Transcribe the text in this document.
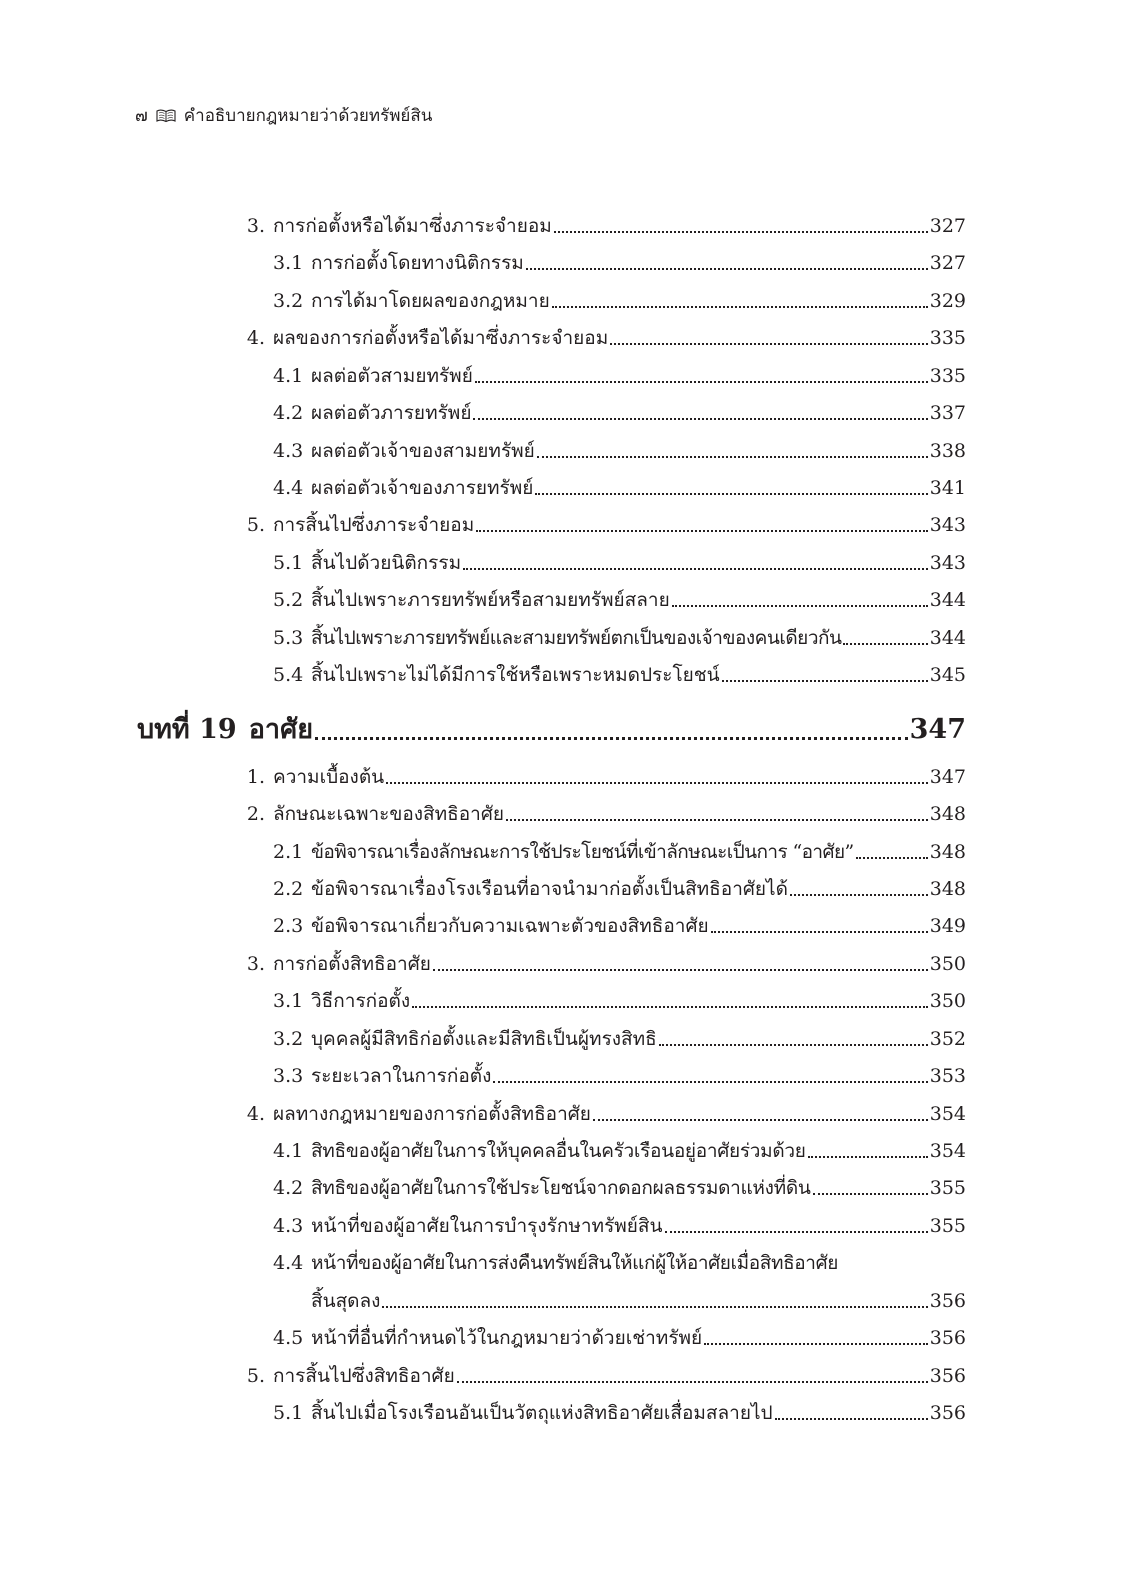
๗ คำอธิบายกฎหมายว่าด้วยทรัพย์สิน
3. การก่อตั้งหรือได้มาซึ่งภาระจำยอม	327
3.1 การก่อตั้งโดยทางนิติกรรม	327
3.2 การได้มาโดยผลของกฎหมาย	329
4. ผลของการก่อตั้งหรือได้มาซึ่งภาระจำยอม	335
4.1 ผลต่อตัวสามยทรัพย์	335
4.2 ผลต่อตัวภารยทรัพย์	337
4.3 ผลต่อตัวเจ้าของสามยทรัพย์	338
4.4 ผลต่อตัวเจ้าของภารยทรัพย์	341
5. การสิ้นไปซึ่งภาระจำยอม	343
5.1 สิ้นไปด้วยนิติกรรม	343
5.2 สิ้นไปเพราะภารยทรัพย์หรือสามยทรัพย์สลาย	344
5.3 สิ้นไปเพราะภารยทรัพย์และสามยทรัพย์ตกเป็นของเจ้าของคนเดียวกัน	344
5.4 สิ้นไปเพราะไม่ได้มีการใช้หรือเพราะหมดประโยชน์	345
บทที่ 19 อาศัย	347
1. ความเบื้องต้น	347
2. ลักษณะเฉพาะของสิทธิอาศัย	348
2.1 ข้อพิจารณาเรื่องลักษณะการใช้ประโยชน์ที่เข้าลักษณะเป็นการ “อาศัย”	348
2.2 ข้อพิจารณาเรื่องโรงเรือนที่อาจนำมาก่อตั้งเป็นสิทธิอาศัยได้	348
2.3 ข้อพิจารณาเกี่ยวกับความเฉพาะตัวของสิทธิอาศัย	349
3. การก่อตั้งสิทธิอาศัย	350
3.1 วิธีการก่อตั้ง	350
3.2 บุคคลผู้มีสิทธิก่อตั้งและมีสิทธิเป็นผู้ทรงสิทธิ	352
3.3 ระยะเวลาในการก่อตั้ง	353
4. ผลทางกฎหมายของการก่อตั้งสิทธิอาศัย	354
4.1 สิทธิของผู้อาศัยในการให้บุคคลอื่นในครัวเรือนอยู่อาศัยร่วมด้วย	354
4.2 สิทธิของผู้อาศัยในการใช้ประโยชน์จากดอกผลธรรมดาแห่งที่ดิน	355
4.3 หน้าที่ของผู้อาศัยในการบำรุงรักษาทรัพย์สิน	355
4.4 หน้าที่ของผู้อาศัยในการส่งคืนทรัพย์สินให้แก่ผู้ให้อาศัยเมื่อสิทธิอาศัย
สิ้นสุดลง	356
4.5 หน้าที่อื่นที่กำหนดไว้ในกฎหมายว่าด้วยเช่าทรัพย์	356
5. การสิ้นไปซึ่งสิทธิอาศัย	356
5.1 สิ้นไปเมื่อโรงเรือนอันเป็นวัตถุแห่งสิทธิอาศัยเสื่อมสลายไป	356
